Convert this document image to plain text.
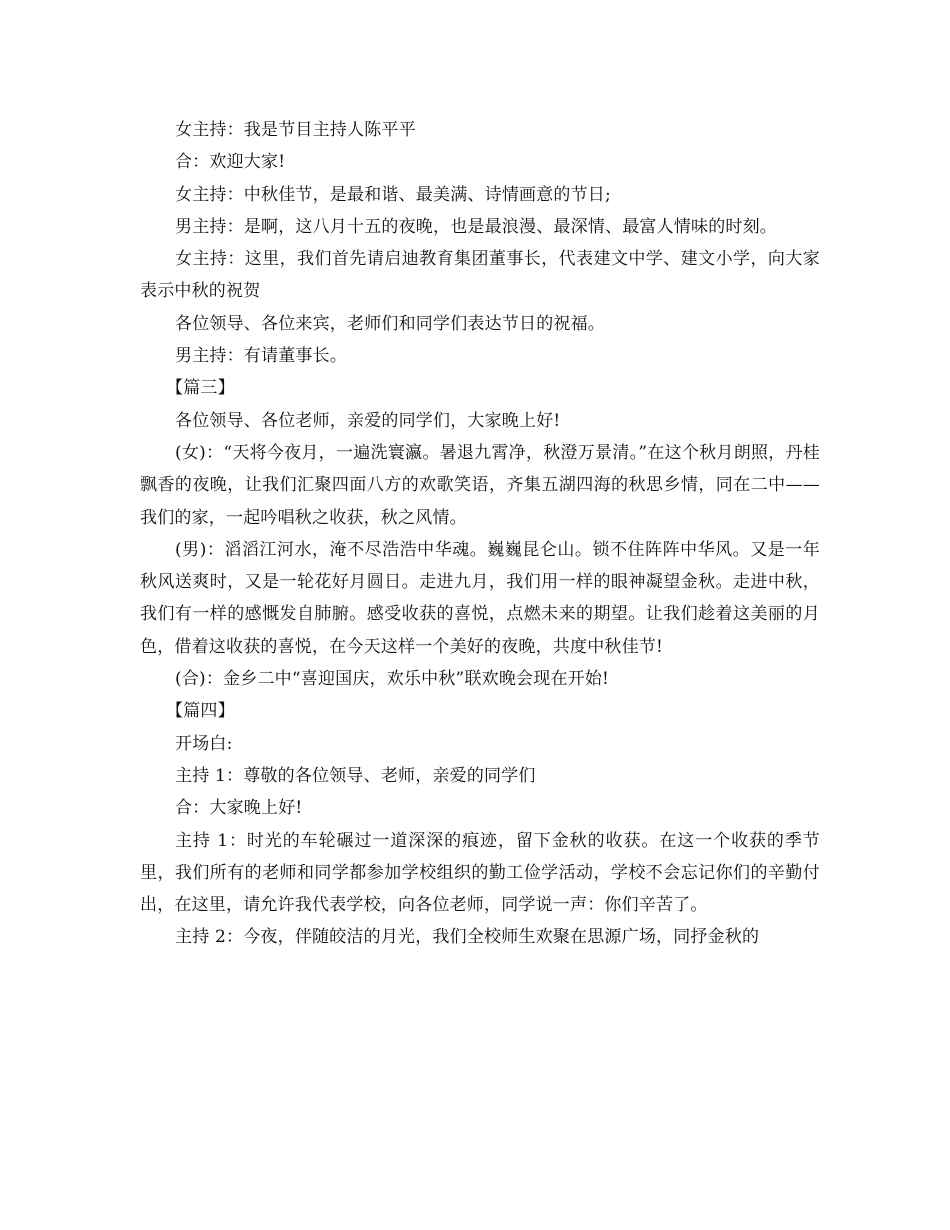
女主持：我是节目主持人陈平平

合：欢迎大家!

女主持：中秋佳节，是最和谐、最美满、诗情画意的节日;

男主持：是啊，这八月十五的夜晚，也是最浪漫、最深情、最富人情味的时刻。

女主持：这里，我们首先请启迪教育集团董事长，代表建文中学、建文小学，向大家表示中秋的祝贺

各位领导、各位来宾，老师们和同学们表达节日的祝福。

男主持：有请董事长。

【篇三】

各位领导、各位老师，亲爱的同学们，大家晚上好!

(女)：“天将今夜月，一遍洗寰瀛。暑退九霄净，秋澄万景清。”在这个秋月朗照，丹桂飘香的夜晚，让我们汇聚四面八方的欢歌笑语，齐集五湖四海的秋思乡情，同在二中——我们的家，一起吟唱秋之收获，秋之风情。

(男)：滔滔江河水，淹不尽浩浩中华魂。巍巍昆仑山。锁不住阵阵中华风。又是一年秋风送爽时，又是一轮花好月圆日。走进九月，我们用一样的眼神凝望金秋。走进中秋，我们有一样的感慨发自肺腑。感受收获的喜悦，点燃未来的期望。让我们趁着这美丽的月色，借着这收获的喜悦，在今天这样一个美好的夜晚，共度中秋佳节!

(合)：金乡二中“喜迎国庆，欢乐中秋”联欢晚会现在开始!

【篇四】

开场白:

主持 1：尊敬的各位领导、老师，亲爱的同学们

合：大家晚上好!

主持 1：时光的车轮碾过一道深深的痕迹，留下金秋的收获。在这一个收获的季节里，我们所有的老师和同学都参加学校组织的勤工俭学活动，学校不会忘记你们的辛勤付出，在这里，请允许我代表学校，向各位老师，同学说一声：你们辛苦了。

主持 2：今夜，伴随皎洁的月光，我们全校师生欢聚在思源广场，同抒金秋的
